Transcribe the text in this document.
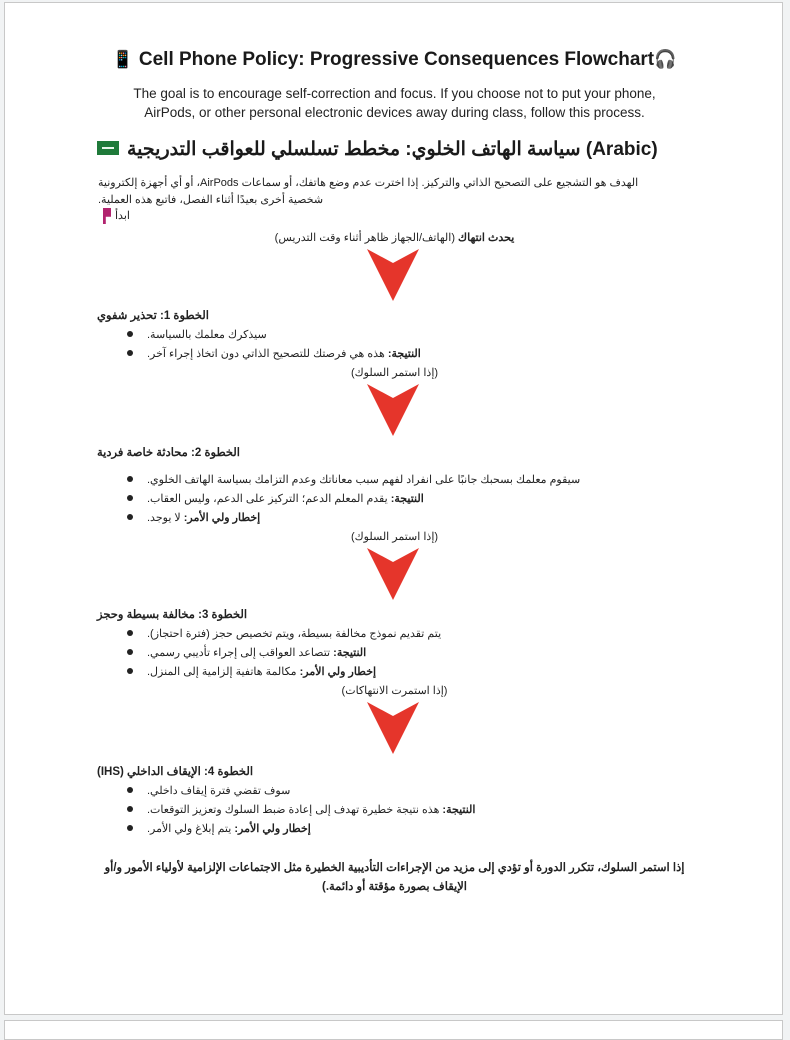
📱 Cell Phone Policy: Progressive Consequences Flowchart🎧
The goal is to encourage self-correction and focus. If you choose not to put your phone,
AirPods, or other personal electronic devices away during class, follow this process.
(Arabic) سياسة الهاتف الخلوي: مخطط تسلسلي للعواقب التدريجية

الهدف هو التشجيع على التصحيح الذاتي والتركيز. إذا اخترت عدم وضع هاتفك، أو سماعات AirPods، أو أي أجهزة إلكترونية

شخصية أخرى بعيدًا أثناء الفصل، فاتبع هذه العملية.

ابدأ
يحدث انتهاك (الهاتف/الجهاز ظاهر أثناء وقت التدريس)
الخطوة 1: تحذير شفوي
سيذكرك معلمك بالسياسة.
النتيجة: هذه هي فرصتك للتصحيح الذاتي دون اتخاذ إجراء آخر.
(إذا استمر السلوك)
الخطوة 2: محادثة خاصة فردية
سيقوم معلمك بسحبك جانبًا على انفراد لفهم سبب معاناتك وعدم التزامك بسياسة الهاتف الخلوي.
النتيجة: يقدم المعلم الدعم؛ التركيز على الدعم، وليس العقاب.
إخطار ولي الأمر: لا يوجد.
(إذا استمر السلوك)
الخطوة 3: مخالفة بسيطة وحجز
يتم تقديم نموذج مخالفة بسيطة، ويتم تخصيص حجز (فترة احتجاز).
النتيجة: تتصاعد العواقب إلى إجراء تأديبي رسمي.
إخطار ولي الأمر: مكالمة هاتفية إلزامية إلى المنزل.
(إذا استمرت الانتهاكات)
الخطوة 4: الإيقاف الداخلي (IHS)
سوف تقضي فترة إيقاف داخلي.
النتيجة: هذه نتيجة خطيرة تهدف إلى إعادة ضبط السلوك وتعزيز التوقعات.
إخطار ولي الأمر: يتم إبلاغ ولي الأمر.

إذا استمر السلوك، تتكرر الدورة أو تؤدي إلى مزيد من الإجراءات التأديبية الخطيرة مثل الاجتماعات الإلزامية لأولياء الأمور و/أو

الإيقاف بصورة مؤقتة أو دائمة.)
